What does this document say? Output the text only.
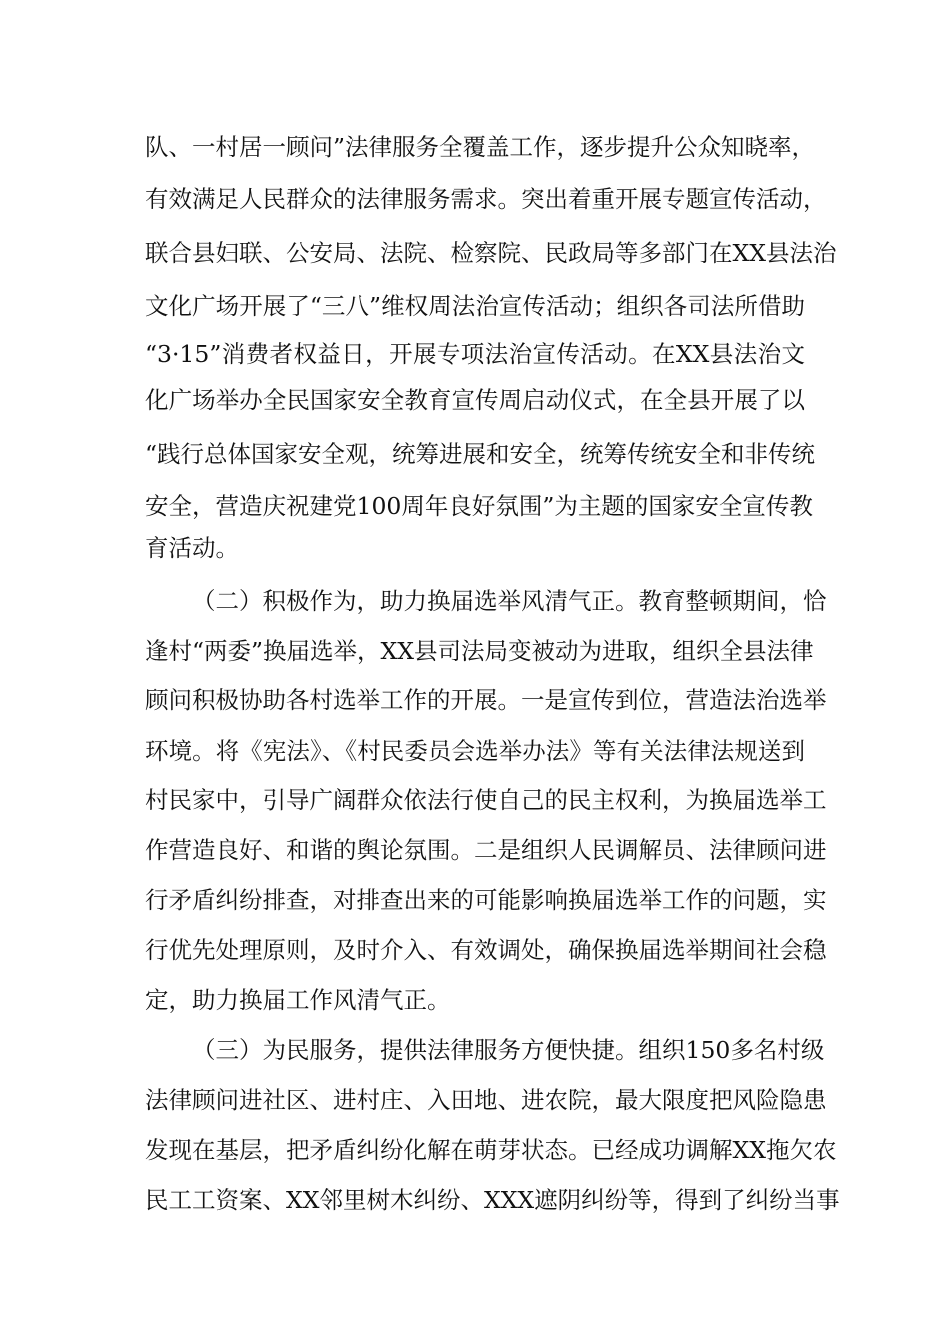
队、一村居一顾问”法律服务全覆盖工作，逐步提升公众知晓率，
有效满足人民群众的法律服务需求。突出着重开展专题宣传活动，
联合县妇联、公安局、法院、检察院、民政局等多部门在XX县法治
文化广场开展了“三八”维权周法治宣传活动；组织各司法所借助
“3·15”消费者权益日，开展专项法治宣传活动。在XX县法治文
化广场举办全民国家安全教育宣传周启动仪式，在全县开展了以
“践行总体国家安全观，统筹进展和安全，统筹传统安全和非传统
安全，营造庆祝建党100周年良好氛围”为主题的国家安全宣传教
育活动。
（二）积极作为，助力换届选举风清气正。教育整顿期间，恰
逢村“两委”换届选举，XX县司法局变被动为进取，组织全县法律
顾问积极协助各村选举工作的开展。一是宣传到位，营造法治选举
环境。将《宪法》、《村民委员会选举办法》等有关法律法规送到
村民家中，引导广阔群众依法行使自己的民主权利，为换届选举工
作营造良好、和谐的舆论氛围。二是组织人民调解员、法律顾问进
行矛盾纠纷排查，对排查出来的可能影响换届选举工作的问题，实
行优先处理原则，及时介入、有效调处，确保换届选举期间社会稳
定，助力换届工作风清气正。
（三）为民服务，提供法律服务方便快捷。组织150多名村级
法律顾问进社区、进村庄、入田地、进农院，最大限度把风险隐患
发现在基层，把矛盾纠纷化解在萌芽状态。已经成功调解XX拖欠农
民工工资案、XX邻里树木纠纷、XXX遮阴纠纷等，得到了纠纷当事
